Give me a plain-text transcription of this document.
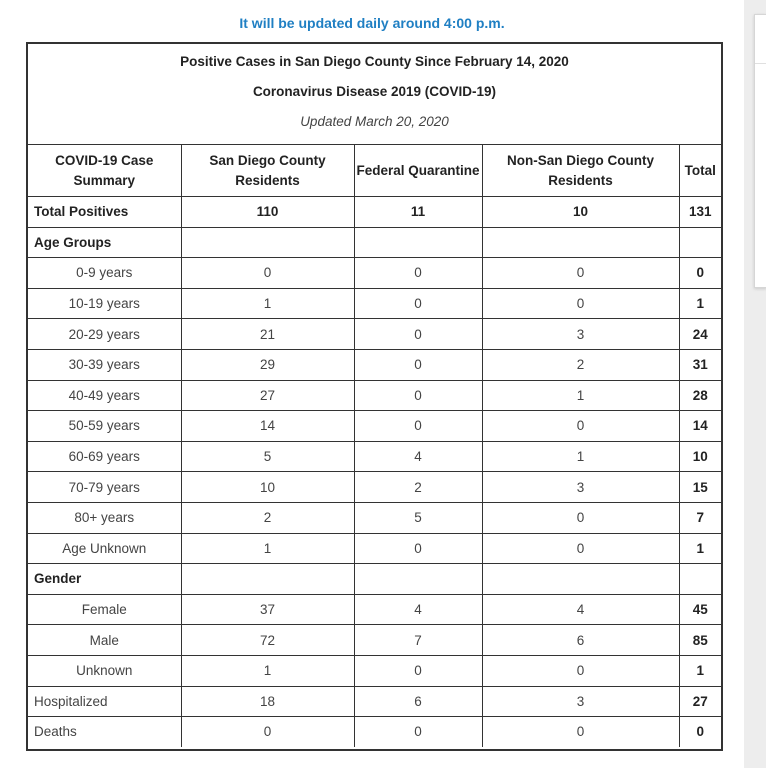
It will be updated daily around 4:00 p.m.
Positive Cases in San Diego County Since February 14, 2020
Coronavirus Disease 2019 (COVID-19)
Updated March 20, 2020
COVID-19 Case Summary	San Diego County Residents	Federal Quarantine	Non-San Diego County Residents	Total
Total Positives	110	11	10	131
Age Groups				
0-9 years	0	0	0	0
10-19 years	1	0	0	1
20-29 years	21	0	3	24
30-39 years	29	0	2	31
40-49 years	27	0	1	28
50-59 years	14	0	0	14
60-69 years	5	4	1	10
70-79 years	10	2	3	15
80+ years	2	5	0	7
Age Unknown	1	0	0	1
Gender				
Female	37	4	4	45
Male	72	7	6	85
Unknown	1	0	0	1
Hospitalized	18	6	3	27
Deaths	0	0	0	0
